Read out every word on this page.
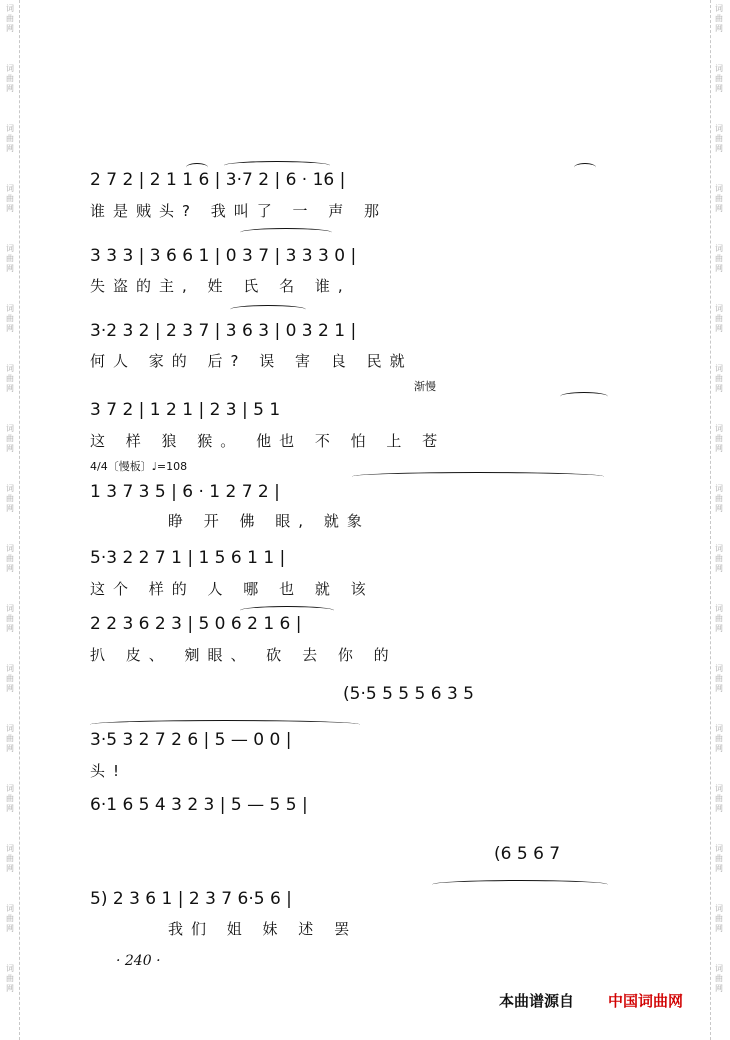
词
曲
网
词
曲
网
词
曲
网
词
曲
网
词
曲
网
词
曲
网
词
曲
网
词
曲
网
词
曲
网
词
曲
网
词
曲
网
词
曲
网
词
曲
网
词
曲
网
词
曲
网
词
曲
网
词
曲
网
词
曲
网
词
曲
网
词
曲
网
词
曲
网
词
曲
网
词
曲
网
词
曲
网
词
曲
网
词
曲
网
词
曲
网
词
曲
网
词
曲
网
词
曲
网
词
曲
网
词
曲
网
词
曲
网
词
曲
网
2 7 2 | 2 1 1 6 | 3·7 2 | 6 · 16 |
谁是贼头? 我叫了 一 声 那
3 3 3 | 3 6 6 1 | 0 3 7 | 3 3 3 0 |
失盗的主, 姓 氏 名 谁,
3·2 3 2 | 2 3 7 | 3 6 3 | 0 3 2 1 |
何人 家的 后? 误 害 良 民就
渐慢
3 7 2 | 1 2 1 | 2 3 | 5 1
这 样 狼 猴。 他也 不 怕 上 苍
4/4〔慢板〕♩=108
1 3 7 3 5 | 6 · 1 2 7 2 |
睁 开 佛 眼, 就象
5·3 2 2 7 1 | 1 5 6 1 1 |
这个 样的 人 哪 也 就 该
2 2 3 6 2 3 | 5 0 6 2 1 6 |
扒 皮、 剜眼、 砍 去 你 的
(5·5 5 5 5 6 3 5
3·5 3 2 7 2 6 | 5 — 0 0 |
头!
6·1 6 5 4 3 2 3 | 5 — 5 5 |
(6 5 6 7
5) 2 3 6 1 | 2 3 7 6·5 6 |
我们 姐 妹 述 罢
· 240 ·
本曲谱源自 中国词曲网
